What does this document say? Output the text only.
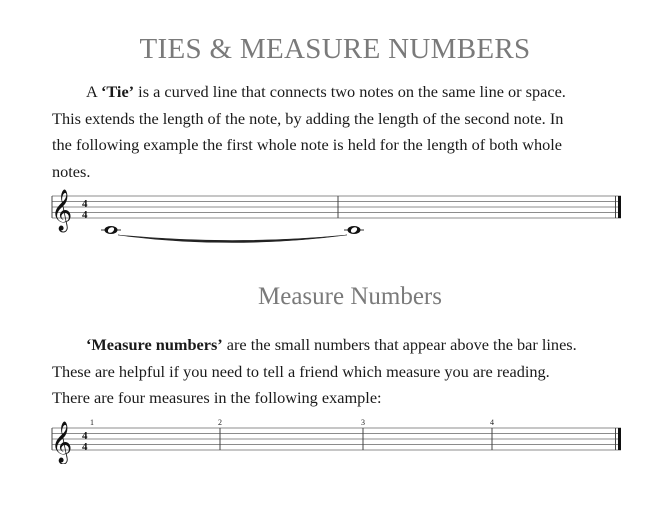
TIES & MEASURE NUMBERS

A ‘Tie’ is a curved line that connects two notes on the same line or space.

This extends the length of the note, by adding the length of the second note. In

the following example the first whole note is held for the length of both whole

notes.

𝄞 4
4
Measure Numbers

‘Measure numbers’ are the small numbers that appear above the bar lines.

These are helpful if you need to tell a friend which measure you are reading.

There are four measures in the following example:

1	2	3	4
𝄞 4
4
